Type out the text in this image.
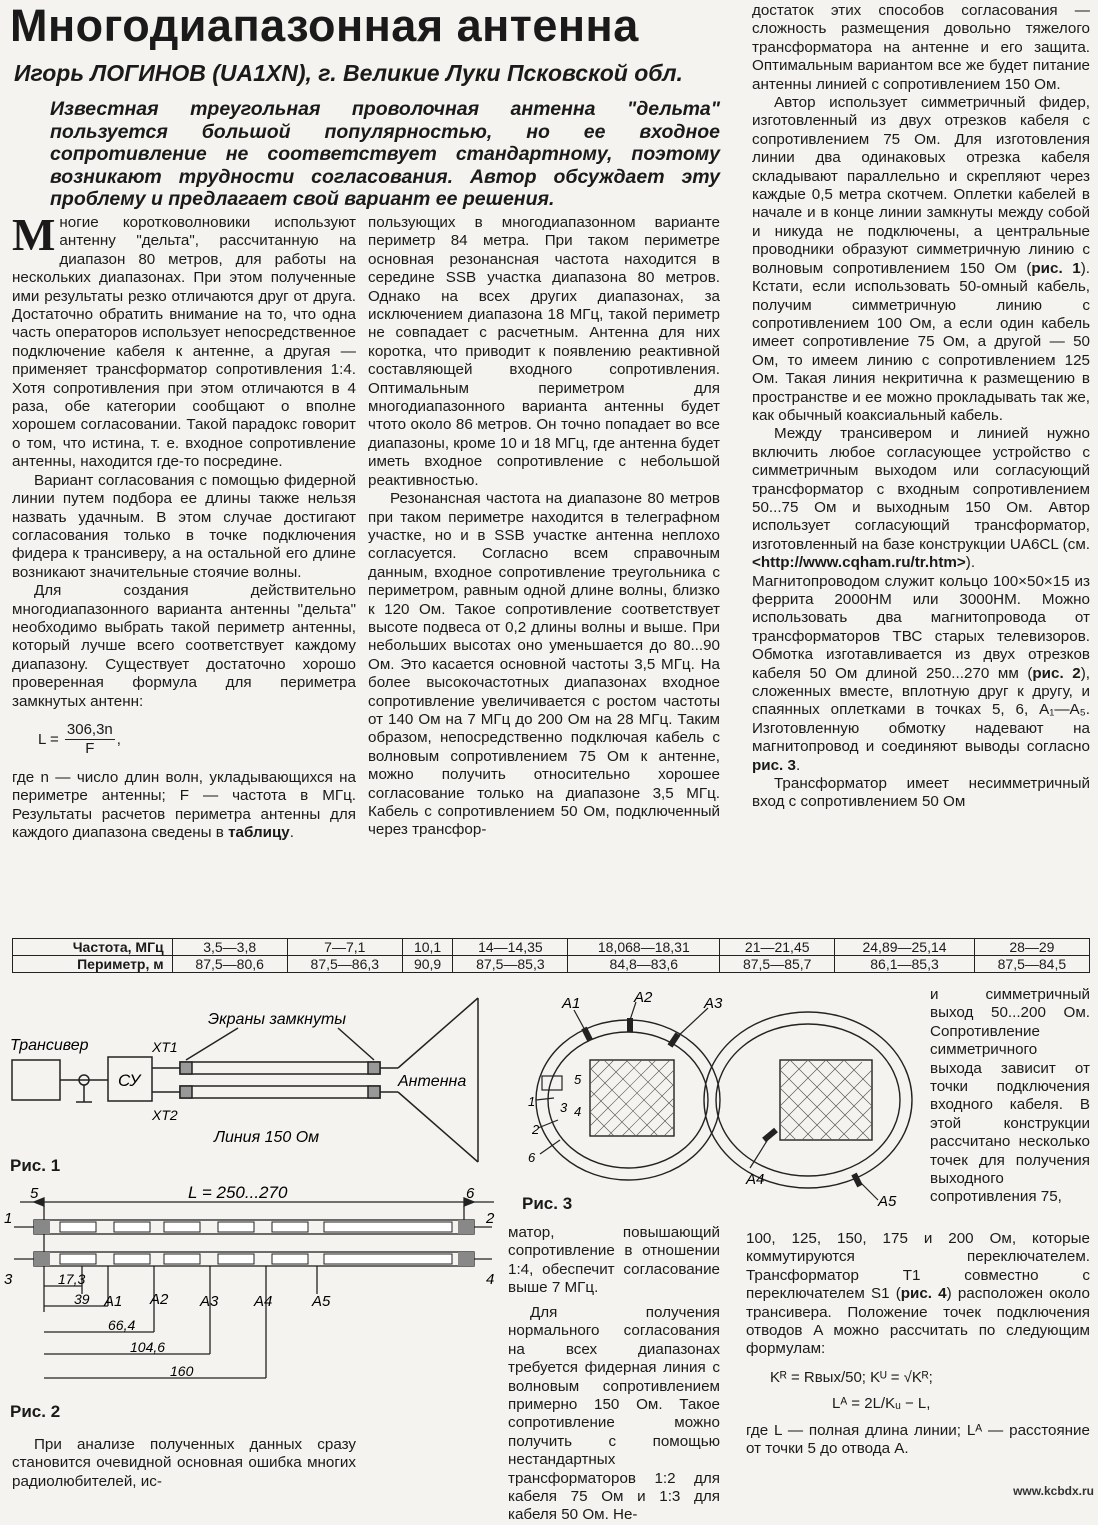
Многодиапазонная антенна
Игорь ЛОГИНОВ (UA1XN), г. Великие Луки Псковской обл.
Известная треугольная проволочная антенна "дельта" пользуется большой популярностью, но ее входное сопротивление не соответствует стандартному, поэтому возникают трудности согласования. Автор обсуждает эту проблему и предлагает свой вариант ее решения.

Многие коротковолновики используют антенну "дельта", рассчитанную на диапазон 80 метров, для работы на нескольких диапазонах. При этом полученные ими результаты резко отличаются друг от друга. Достаточно обратить внимание на то, что одна часть операторов использует непосредственное подключение кабеля к антенне, а другая — применяет трансформатор сопротивления 1:4. Хотя сопротивления при этом отличаются в 4 раза, обе категории сообщают о вполне хорошем согласовании. Такой парадокс говорит о том, что истина, т. е. входное сопротивление антенны, находится где-то посредине.

Вариант согласования с помощью фидерной линии путем подбора ее длины также нельзя назвать удачным. В этом случае достигают согласования только в точке подключения фидера к трансиверу, а на остальной его длине возникают значительные стоячие волны.

Для создания действительно многодиапазонного варианта антенны "дельта" необходимо выбрать такой периметр антенны, который лучше всего соответствует каждому диапазону. Существует достаточно хорошо проверенная формула для периметра замкнутых антенн:

$L = \frac{306,3n}{F}$ ,

где n — число длин волн, укладывающихся на периметре антенны; F — частота в МГц. Результаты расчетов периметра антенны для каждого диапазона сведены в таблицу.

пользующих в многодиапазонном варианте периметр 84 метра. При таком периметре основная резонансная частота находится в середине SSB участка диапазона 80 метров. Однако на всех других диапазонах, за исключением диапазона 18 МГц, такой периметр не совпадает с расчетным. Антенна для них коротка, что приводит к появлению реактивной составляющей входного сопротивления. Оптимальным периметром для многодиапазонного варианта антенны будет чтото около 86 метров. Он точно попадает во все диапазоны, кроме 10 и 18 МГц, где антенна будет иметь входное сопротивление с небольшой реактивностью.

Резонансная частота на диапазоне 80 метров при таком периметре находится в телеграфном участке, но и в SSB участке антенна неплохо согласуется. Согласно всем справочным данным, входное сопротивление треугольника с периметром, равным одной длине волны, близко к 120 Ом. Такое сопротивление соответствует высоте подвеса от 0,2 длины волны и выше. При небольших высотах оно уменьшается до 80...90 Ом. Это касается основной частоты 3,5 МГц. На более высокочастотных диапазонах входное сопротивление увеличивается с ростом частоты от 140 Ом на 7 МГц до 200 Ом на 28 МГц. Таким образом, непосредственно подключая кабель с волновым сопротивлением 75 Ом к антенне, можно получить относительно хорошее согласование только на диапазоне 3,5 МГц. Кабель с сопротивлением 50 Ом, подключенный через трансфор-

достаток этих способов согласования — сложность размещения довольно тяжелого трансформатора на антенне и его защита. Оптимальным вариантом все же будет питание антенны линией с сопротивлением 150 Ом.

Автор использует симметричный фидер, изготовленный из двух отрезков кабеля с сопротивлением 75 Ом. Для изготовления линии два одинаковых отрезка кабеля складывают параллельно и скрепляют через каждые 0,5 метра скотчем. Оплетки кабелей в начале и в конце линии замкнуты между собой и никуда не подключены, а центральные проводники образуют симметричную линию с волновым сопротивлением 150 Ом (рис. 1). Кстати, если использовать 50-омный кабель, получим симметричную линию с сопротивлением 100 Ом, а если один кабель имеет сопротивление 75 Ом, а другой — 50 Ом, то имеем линию с сопротивлением 125 Ом. Такая линия некритична к размещению в пространстве и ее можно прокладывать так же, как обычный коаксиальный кабель.

Между трансивером и линией нужно включить любое согласующее устройство с симметричным выходом или согласующий трансформатор с входным сопротивлением 50...75 Ом и выходным 150 Ом. Автор использует согласующий трансформатор, изготовленный на базе конструкции UA6CL (см. <http://www.cqham.ru/tr.htm>). Магнитопроводом служит кольцо 100×50×15 из феррита 2000НМ или 3000НМ. Можно использовать два магнитопровода от трансформаторов ТВС старых телевизоров. Обмотка изготавливается из двух отрезков кабеля 50 Ом длиной 250...270 мм (рис. 2), сложенных вместе, вплотную друг к другу, и спаянных оплетками в точках 5, 6, A₁—A₅. Изготовленную обмотку надевают на магнитопровод и соединяют выводы согласно рис. 3.

Трансформатор имеет несимметричный вход с сопротивлением 50 Ом

Частота, МГц	3,5—3,8	7—7,1	10,1	14—14,35	18,068—18,31	21—21,45	24,89—25,14	28—29
Периметр, м	87,5—80,6	87,5—86,3	90,9	87,5—85,3	84,8—83,6	87,5—85,7	86,1—85,3	87,5—84,5
Трансивер
СУ
XT1
XT2
Экраны замкнуты
Антенна
Линия 150 Ом
Рис. 1
5	6
1	2
3	4
L = 250...270
A1 A2 A3 A4	A5
17,3
39
66,4
104,6
160
Рис. 2
A1	A2	A3
A4
A5
5
1 3 4
2
6
Рис. 3

При анализе полученных данных сразу становится очевидной основная ошибка многих радиолюбителей, ис-

матор, повышающий сопротивление в отношении 1:4, обеспечит согласование выше 7 МГц.

Для получения нормального согласования на всех диапазонах требуется фидерная линия с волновым сопротивлением примерно 150 Ом. Такое сопротивление можно получить с помощью нестандартных трансформаторов 1:2 для кабеля 75 Ом и 1:3 для кабеля 50 Ом. Не-

и симметричный выход 50...200 Ом. Сопротивление симметричного выхода зависит от точки подключения входного кабеля. В этой конструкции рассчитано несколько точек для получения выходного сопротивления 75,

100, 125, 150, 175 и 200 Ом, которые коммутируются переключателем. Трансформатор T1 совместно с переключателем S1 (рис. 4) расположен около трансивера. Положение точек подключения отводов A можно рассчитать по следующим формулам:

Kᴿ = Rвых/50; Kᵁ = √Kᴿ;
Lᴬ = 2L/Kᵤ − L,

где L — полная длина линии; Lᴬ — расстояние от точки 5 до отвода A.

www.kcbdx.ru
